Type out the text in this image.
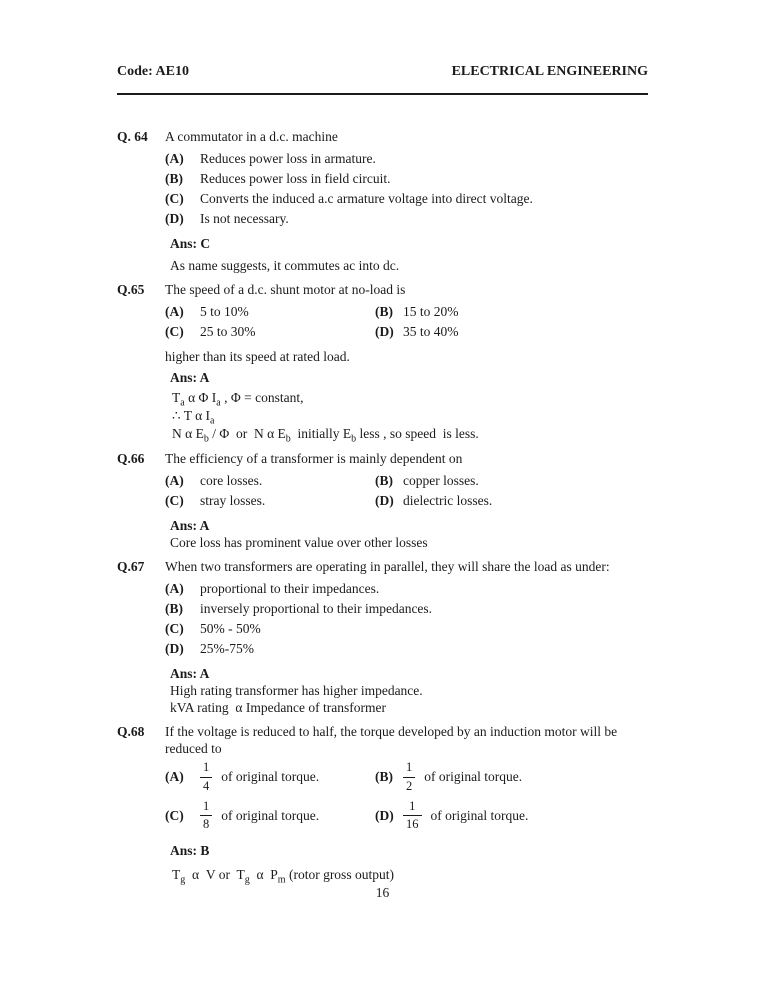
Code: AE10	ELECTRICAL ENGINEERING
Q. 64	A commutator in a d.c. machine
(A)	Reduces power loss in armature.
(B)	Reduces power loss in field circuit.
(C)	Converts the induced a.c armature voltage into direct voltage.
(D)	Is not necessary.
Ans: C
As name suggests, it commutes ac into dc.
Q.65	The speed of a d.c. shunt motor at no-load is
(A)	5 to 10%	(B) 15 to 20%
(C)	25 to 30%	(D) 35 to 40%
higher than its speed at rated load.
Ans: A
$T_a$ α Φ $I_a$ , Φ = constant,
∴ T α $I_a$
N α $E_b$ / Φ  or  N α $E_b$  initially $E_b$ less , so speed  is less.
Q.66	The efficiency of a transformer is mainly dependent on
(A)	core losses.	(B) copper losses.
(C)	stray losses.	(D) dielectric losses.
Ans: A
Core loss has prominent value over other losses
Q.67	When two transformers are operating in parallel, they will share the load as under:
(A)	proportional to their impedances.
(B)	inversely proportional to their impedances.
(C)	50% - 50%
(D)	25%-75%
Ans: A
High rating transformer has higher impedance.
kVA rating  α Impedance of transformer
Q.68	If the voltage is reduced to half, the torque developed by an induction motor will be
reduced to
(A)	$\frac{1}{4}$ of original torque.	$(B) \frac{1}{2}$ of original torque.
(C)	$\frac{1}{8}$ of original torque.	$(D) \frac{1}{16}$ of original torque.
Ans: B
$T_g$  α  V or  $T_g$  α  $P_m$ (rotor gross output)
16
